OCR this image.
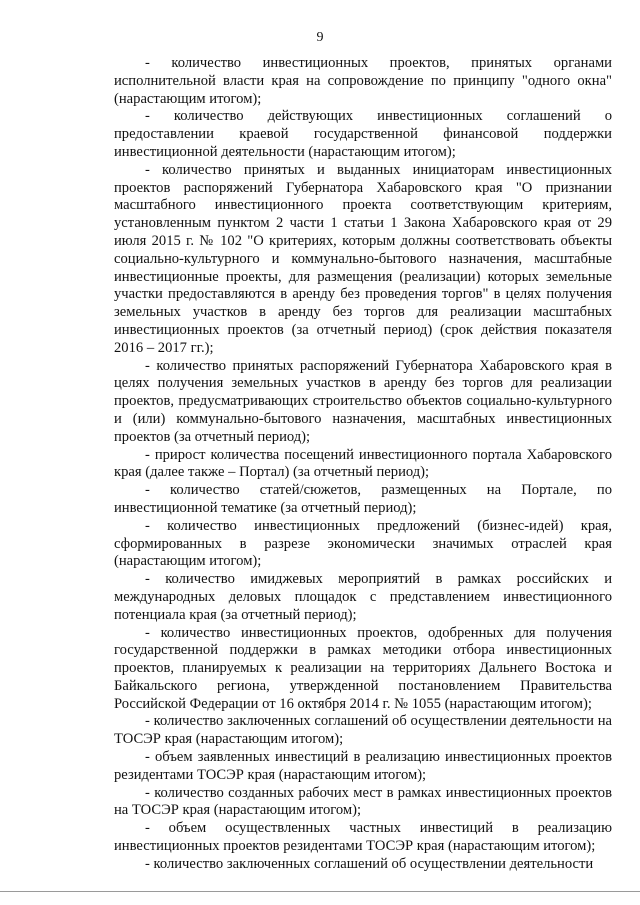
9

- количество инвестиционных проектов, принятых органами исполнительной власти края на сопровождение по принципу "одного окна" (нарастающим итогом);

- количество действующих инвестиционных соглашений о предоставлении краевой государственной финансовой поддержки инвестиционной деятельности (нарастающим итогом);

- количество принятых и выданных инициаторам инвестиционных проектов распоряжений Губернатора Хабаровского края "О признании масштабного инвестиционного проекта соответствующим критериям, установленным пунктом 2 части 1 статьи 1 Закона Хабаровского края от 29 июля 2015 г. № 102 "О критериях, которым должны соответствовать объекты социально-культурного и коммунально-бытового назначения, масштабные инвестиционные проекты, для размещения (реализации) которых земельные участки предоставляются в аренду без проведения торгов" в целях получения земельных участков в аренду без торгов для реализации масштабных инвестиционных проектов (за отчетный период) (срок действия показателя 2016 – 2017 гг.);

- количество принятых распоряжений Губернатора Хабаровского края в целях получения земельных участков в аренду без торгов для реализации проектов, предусматривающих строительство объектов социально-культурного и (или) коммунально-бытового назначения, масштабных инвестиционных проектов (за отчетный период);

- прирост количества посещений инвестиционного портала Хабаровского края (далее также – Портал) (за отчетный период);

- количество статей/сюжетов, размещенных на Портале, по инвестиционной тематике (за отчетный период);

- количество инвестиционных предложений (бизнес-идей) края, сформированных в разрезе экономически значимых отраслей края (нарастающим итогом);

- количество имиджевых мероприятий в рамках российских и международных деловых площадок с представлением инвестиционного потенциала края (за отчетный период);

- количество инвестиционных проектов, одобренных для получения государственной поддержки в рамках методики отбора инвестиционных проектов, планируемых к реализации на территориях Дальнего Востока и Байкальского региона, утвержденной постановлением Правительства Российской Федерации от 16 октября 2014 г. № 1055 (нарастающим итогом);

- количество заключенных соглашений об осуществлении деятельности на ТОСЭР края (нарастающим итогом);

- объем заявленных инвестиций в реализацию инвестиционных проектов резидентами ТОСЭР края (нарастающим итогом);

- количество созданных рабочих мест в рамках инвестиционных проектов на ТОСЭР края (нарастающим итогом);

- объем осуществленных частных инвестиций в реализацию инвестиционных проектов резидентами ТОСЭР края (нарастающим итогом);

- количество заключенных соглашений об осуществлении деятельности
